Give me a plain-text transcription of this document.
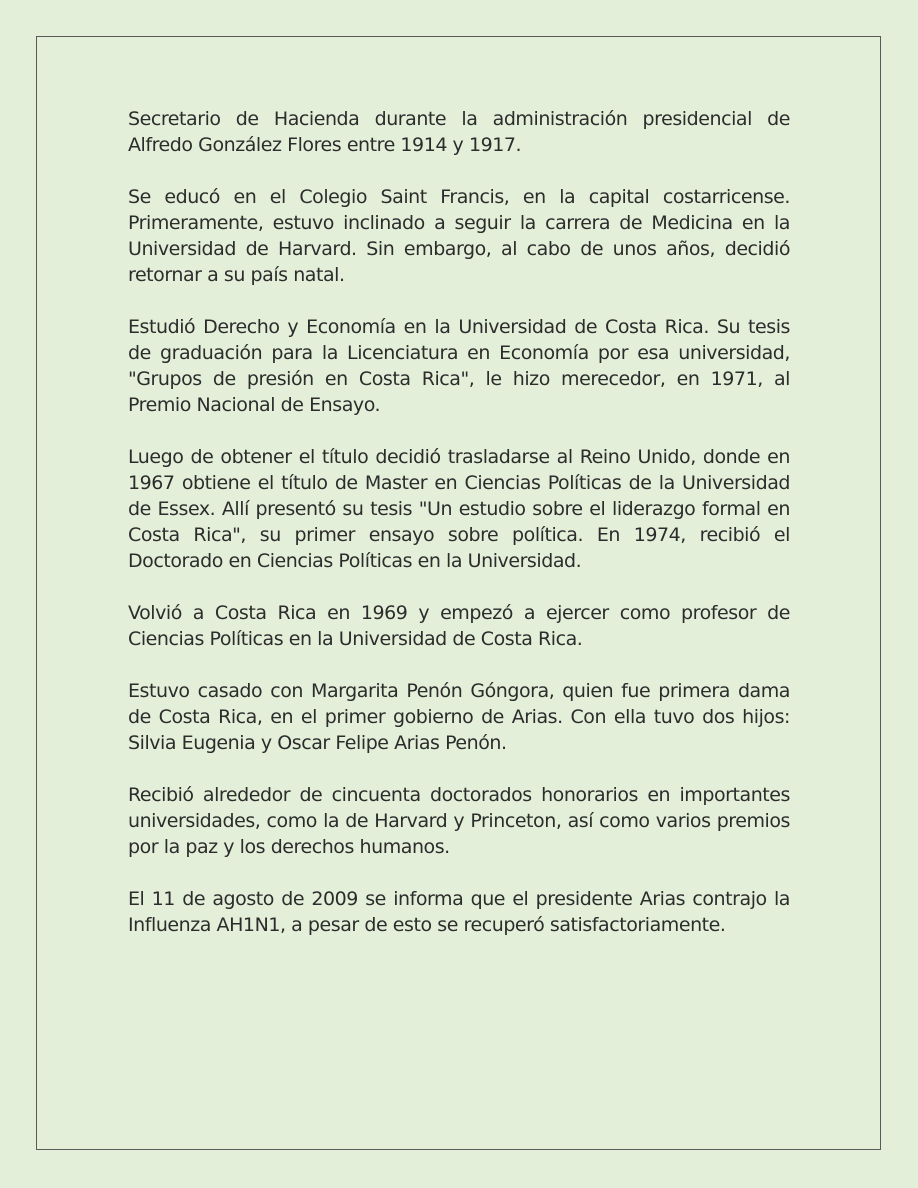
Secretario de Hacienda durante la administración presidencial de Alfredo González Flores entre 1914 y 1917.

Se educó en el Colegio Saint Francis, en la capital costarricense. Primeramente, estuvo inclinado a seguir la carrera de Medicina en la Universidad de Harvard. Sin embargo, al cabo de unos años, decidió retornar a su país natal.

Estudió Derecho y Economía en la Universidad de Costa Rica. Su tesis de graduación para la Licenciatura en Economía por esa universidad, "Grupos de presión en Costa Rica", le hizo merecedor, en 1971, al Premio Nacional de Ensayo.

Luego de obtener el título decidió trasladarse al Reino Unido, donde en 1967 obtiene el título de Master en Ciencias Políticas de la Universidad de Essex. Allí presentó su tesis "Un estudio sobre el liderazgo formal en Costa Rica", su primer ensayo sobre política. En 1974, recibió el Doctorado en Ciencias Políticas en la Universidad.

Volvió a Costa Rica en 1969 y empezó a ejercer como profesor de Ciencias Políticas en la Universidad de Costa Rica.

Estuvo casado con Margarita Penón Góngora, quien fue primera dama de Costa Rica, en el primer gobierno de Arias. Con ella tuvo dos hijos: Silvia Eugenia y Oscar Felipe Arias Penón.

Recibió alrededor de cincuenta doctorados honorarios en importantes universidades, como la de Harvard y Princeton, así como varios premios por la paz y los derechos humanos.

El 11 de agosto de 2009 se informa que el presidente Arias contrajo la Influenza AH1N1, a pesar de esto se recuperó satisfactoriamente.
